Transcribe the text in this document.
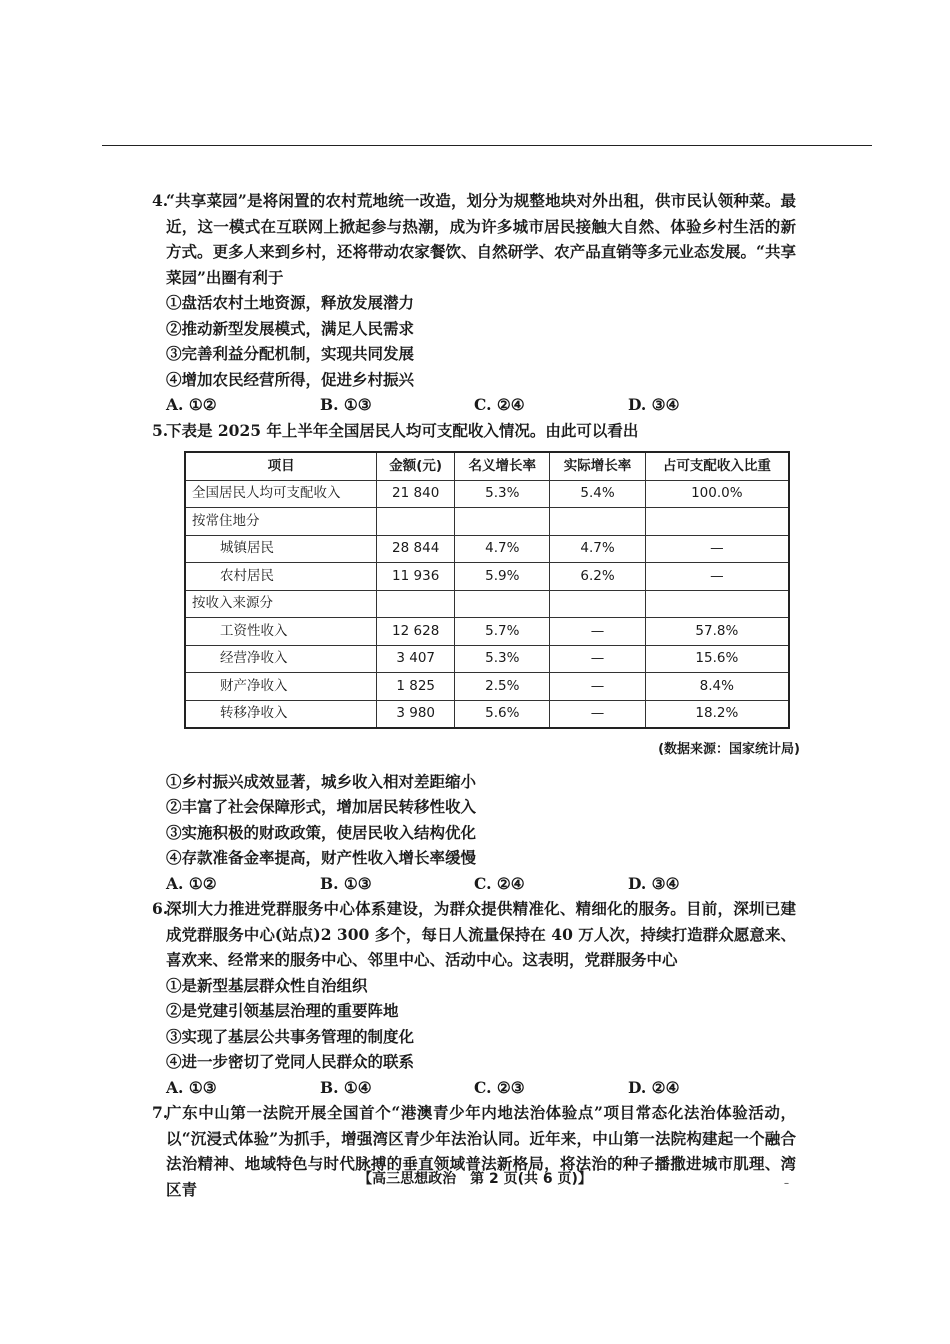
4.

“共享菜园”是将闲置的农村荒地统一改造，划分为规整地块对外出租，供市民认领种菜。最近，这一模式在互联网上掀起参与热潮，成为许多城市居民接触大自然、体验乡村生活的新方式。更多人来到乡村，还将带动农家餐饮、自然研学、农产品直销等多元业态发展。“共享菜园”出圈有利于

①盘活农村土地资源，释放发展潜力

②推动新型发展模式，满足人民需求

③完善利益分配机制，实现共同发展

④增加农民经营所得，促进乡村振兴

A. ①②	B. ①③	C. ②④	D. ③④
5.

下表是 2025 年上半年全国居民人均可支配收入情况。由此可以看出

项目	金额(元)	名义增长率	实际增长率	占可支配收入比重
全国居民人均可支配收入	21 840	5.3%	5.4%	100.0%
按常住地分				
城镇居民	28 844	4.7%	4.7%	—
农村居民	11 936	5.9%	6.2%	—
按收入来源分				
工资性收入	12 628	5.7%	—	57.8%
经营净收入	3 407	5.3%	—	15.6%
财产净收入	1 825	2.5%	—	8.4%
转移净收入	3 980	5.6%	—	18.2%
(数据来源：国家统计局)

①乡村振兴成效显著，城乡收入相对差距缩小

②丰富了社会保障形式，增加居民转移性收入

③实施积极的财政政策，使居民收入结构优化

④存款准备金率提高，财产性收入增长率缓慢

A. ①②	B. ①③	C. ②④	D. ③④
6.

深圳大力推进党群服务中心体系建设，为群众提供精准化、精细化的服务。目前，深圳已建成党群服务中心(站点)2 300 多个，每日人流量保持在 40 万人次，持续打造群众愿意来、喜欢来、经常来的服务中心、邻里中心、活动中心。这表明，党群服务中心

①是新型基层群众性自治组织

②是党建引领基层治理的重要阵地

③实现了基层公共事务管理的制度化

④进一步密切了党同人民群众的联系

A. ①③	B. ①④	C. ②③	D. ②④
7.

广东中山第一法院开展全国首个“港澳青少年内地法治体验点”项目常态化法治体验活动，以“沉浸式体验”为抓手，增强湾区青少年法治认同。近年来，中山第一法院构建起一个融合法治精神、地域特色与时代脉搏的垂直领域普法新格局，将法治的种子播撒进城市肌理、湾区青

【高三思想政治　第 2 页(共 6 页)】	–
